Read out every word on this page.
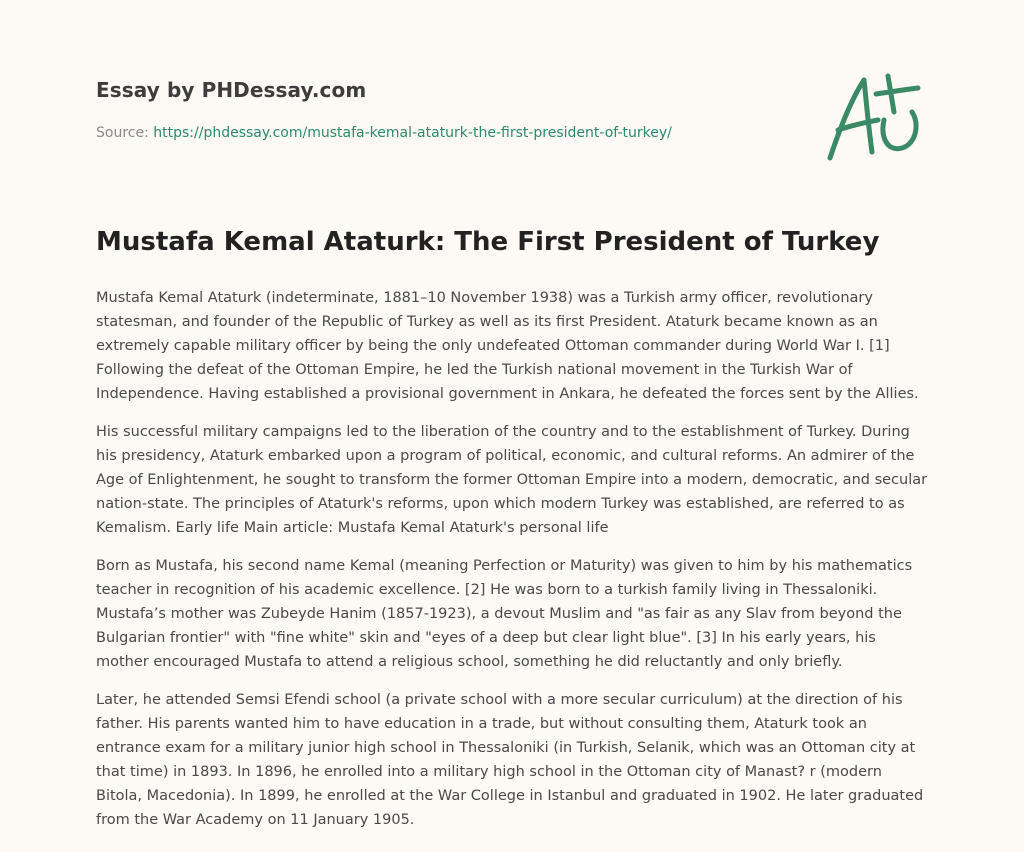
Essay by PHDessay.com
Source: https://phdessay.com/mustafa-kemal-ataturk-the-first-president-of-turkey/
Mustafa Kemal Ataturk: The First President of Turkey

Mustafa Kemal Ataturk (indeterminate, 1881–10 November 1938) was a Turkish army officer, revolutionary statesman, and founder of the Republic of Turkey as well as its first President. Ataturk became known as an extremely capable military officer by being the only undefeated Ottoman commander during World War I. [1] Following the defeat of the Ottoman Empire, he led the Turkish national movement in the Turkish War of Independence. Having established a provisional government in Ankara, he defeated the forces sent by the Allies.

His successful military campaigns led to the liberation of the country and to the establishment of Turkey. During his presidency, Ataturk embarked upon a program of political, economic, and cultural reforms. An admirer of the Age of Enlightenment, he sought to transform the former Ottoman Empire into a modern, democratic, and secular nation-state. The principles of Ataturk's reforms, upon which modern Turkey was established, are referred to as Kemalism. Early life Main article: Mustafa Kemal Ataturk's personal life

Born as Mustafa, his second name Kemal (meaning Perfection or Maturity) was given to him by his mathematics teacher in recognition of his academic excellence. [2] He was born to a turkish family living in Thessaloniki. Mustafa’s mother was Zubeyde Hanim (1857-1923), a devout Muslim and "as fair as any Slav from beyond the Bulgarian frontier" with "fine white" skin and "eyes of a deep but clear light blue". [3] In his early years, his mother encouraged Mustafa to attend a religious school, something he did reluctantly and only briefly.

Later, he attended Semsi Efendi school (a private school with a more secular curriculum) at the direction of his father. His parents wanted him to have education in a trade, but without consulting them, Ataturk took an entrance exam for a military junior high school in Thessaloniki (in Turkish, Selanik, which was an Ottoman city at that time) in 1893. In 1896, he enrolled into a military high school in the Ottoman city of Manast? r (modern Bitola, Macedonia). In 1899, he enrolled at the War College in Istanbul and graduated in 1902. He later graduated from the War Academy on 11 January 1905.
